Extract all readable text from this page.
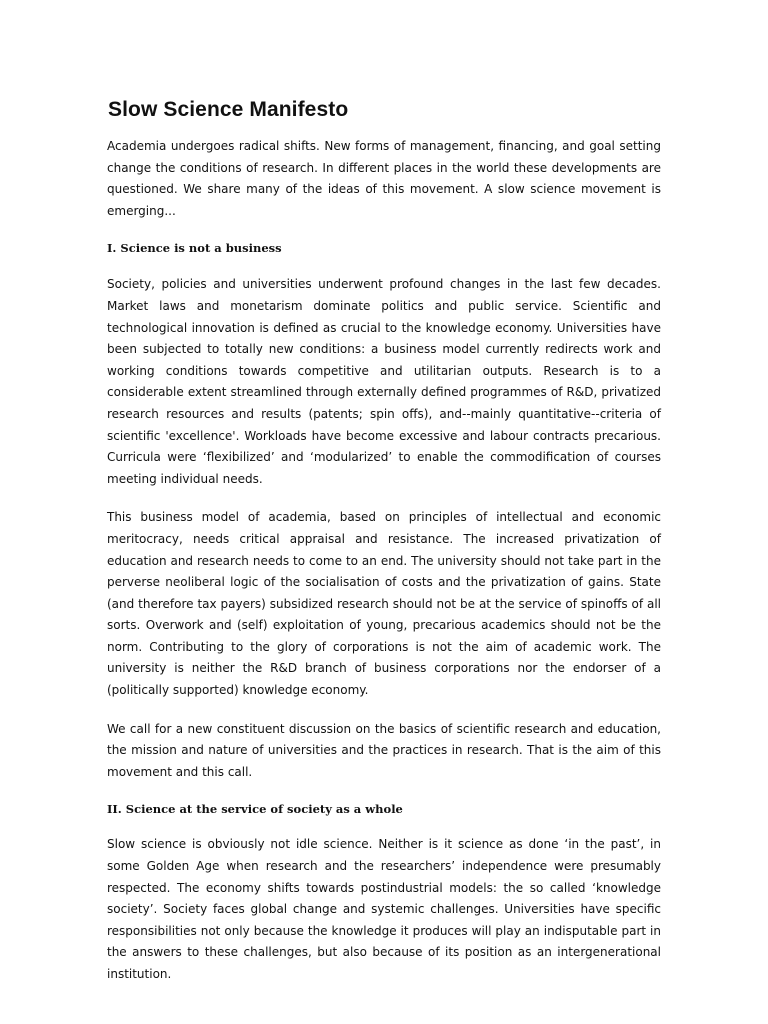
Slow Science Manifesto

Academia undergoes radical shifts. New forms of management, financing, and goal setting change the conditions of research. In different places in the world these developments are questioned. We share many of the ideas of this movement. A slow science movement is emerging...

I. Science is not a business

Society, policies and universities underwent profound changes in the last few decades. Market laws and monetarism dominate politics and public service. Scientific and technological innovation is defined as crucial to the knowledge economy. Universities have been subjected to totally new conditions: a business model currently redirects work and working conditions towards competitive and utilitarian outputs. Research is to a considerable extent streamlined through externally defined programmes of R&D, privatized research resources and results (patents; spin offs), and--mainly quantitative--criteria of scientific 'excellence'. Workloads have become excessive and labour contracts precarious. Curricula were ‘flexibilized’ and ‘modularized’ to enable the commodification of courses meeting individual needs.

This business model of academia, based on principles of intellectual and economic meritocracy, needs critical appraisal and resistance. The increased privatization of education and research needs to come to an end. The university should not take part in the perverse neoliberal logic of the socialisation of costs and the privatization of gains. State (and therefore tax payers) subsidized research should not be at the service of spinoffs of all sorts. Overwork and (self) exploitation of young, precarious academics should not be the norm. Contributing to the glory of corporations is not the aim of academic work. The university is neither the R&D branch of business corporations nor the endorser of a (politically supported) knowledge economy.

We call for a new constituent discussion on the basics of scientific research and education, the mission and nature of universities and the practices in research. That is the aim of this movement and this call.

II. Science at the service of society as a whole

Slow science is obviously not idle science. Neither is it science as done ‘in the past’, in some Golden Age when research and the researchers’ independence were presumably respected. The economy shifts towards postindustrial models: the so called ‘knowledge society’. Society faces global change and systemic challenges. Universities have specific responsibilities not only because the knowledge it produces will play an indisputable part in the answers to these challenges, but also because of its position as an intergenerational institution.
